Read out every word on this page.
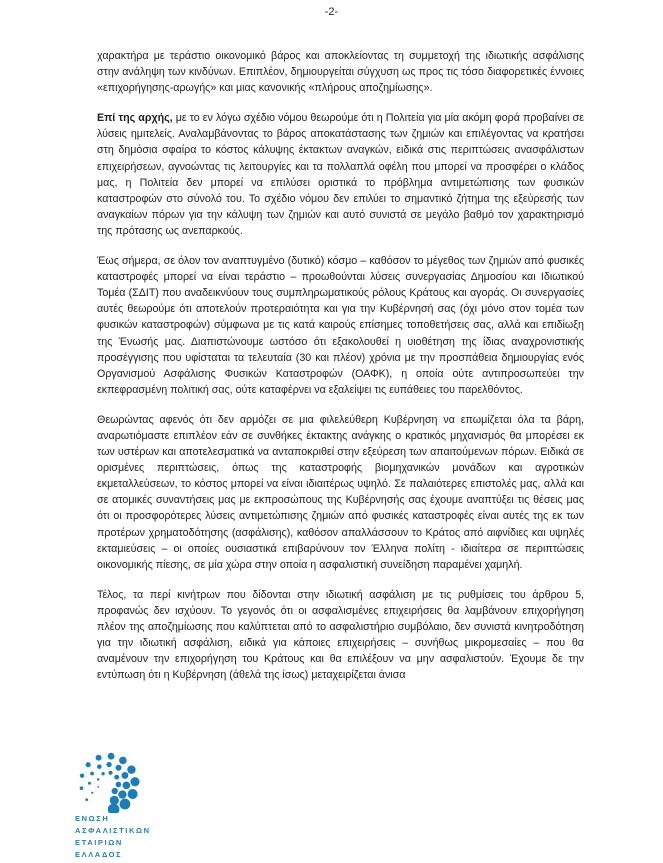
-2-

χαρακτήρα με τεράστιο οικονομικό βάρος και αποκλείοντας τη συμμετοχή της ιδιωτικής ασφάλισης στην ανάληψη των κινδύνων. Επιπλέον, δημιουργείται σύγχυση ως προς τις τόσο διαφορετικές έννοιες «επιχορήγησης-αρωγής» και μιας κανονικής «πλήρους αποζημίωσης».

Επί της αρχής, με το εν λόγω σχέδιο νόμου θεωρούμε ότι η Πολιτεία για μία ακόμη φορά προβαίνει σε λύσεις ημιτελείς. Αναλαμβάνοντας το βάρος αποκατάστασης των ζημιών και επιλέγοντας να κρατήσει στη δημόσια σφαίρα το κόστος κάλυψης έκτακτων αναγκών, ειδικά στις περιπτώσεις ανασφάλιστων επιχειρήσεων, αγνοώντας τις λειτουργίες και τα πολλαπλά οφέλη που μπορεί να προσφέρει ο κλάδος μας, η Πολιτεία δεν μπορεί να επιλύσει οριστικά το πρόβλημα αντιμετώπισης των φυσικών καταστροφών στο σύνολό του. Το σχέδιο νόμου δεν επιλύει το σημαντικό ζήτημα της εξεύρεσής των αναγκαίων πόρων για την κάλυψη των ζημιών και αυτό συνιστά σε μεγάλο βαθμό τον χαρακτηρισμό της πρότασης ως ανεπαρκούς.

Έως σήμερα, σε όλον τον αναπτυγμένο (δυτικό) κόσμο – καθόσον το μέγεθος των ζημιών από φυσικές καταστροφές μπορεί να είναι τεράστιο – προωθούνται λύσεις συνεργασίας Δημοσίου και Ιδιωτικού Τομέα (ΣΔΙΤ) που αναδεικνύουν τους συμπληρωματικούς ρόλους Κράτους και αγοράς. Οι συνεργασίες αυτές θεωρούμε ότι αποτελούν προτεραιότητα και για την Κυβέρνησή σας (όχι μόνο στον τομέα των φυσικών καταστροφών) σύμφωνα με τις κατά καιρούς επίσημες τοποθετήσεις σας, αλλά και επιδίωξη της Ένωσής μας. Διαπιστώνουμε ωστόσο ότι εξακολουθεί η υιοθέτηση της ίδιας αναχρονιστικής προσέγγισης που υφίσταται τα τελευταία (30 και πλέον) χρόνια με την προσπάθεια δημιουργίας ενός Οργανισμού Ασφάλισης Φυσικών Καταστροφών (ΟΑΦΚ), η οποία ούτε αντιπροσωπεύει την εκπεφρασμένη πολιτική σας, ούτε καταφέρνει να εξαλείψει τις ευπάθειες του παρελθόντος.

Θεωρώντας αφενός ότι δεν αρμόζει σε μια φιλελεύθερη Κυβέρνηση να επωμίζεται όλα τα βάρη, αναρωτιόμαστε επιπλέον εάν σε συνθήκες έκτακτης ανάγκης ο κρατικός μηχανισμός θα μπορέσει εκ των υστέρων και αποτελεσματικά να ανταποκριθεί στην εξεύρεση των απαιτούμενων πόρων. Ειδικά σε ορισμένες περιπτώσεις, όπως της καταστροφής βιομηχανικών μονάδων και αγροτικών εκμεταλλεύσεων, το κόστος μπορεί να είναι ιδιαιτέρως υψηλό. Σε παλαιότερες επιστολές μας, αλλά και σε ατομικές συναντήσεις μας με εκπροσώπους της Κυβέρνησής σας έχουμε αναπτύξει τις θέσεις μας ότι οι προσφορότερες λύσεις αντιμετώπισης ζημιών από φυσικές καταστροφές είναι αυτές της εκ των προτέρων χρηματοδότησης (ασφάλισης), καθόσον απαλλάσσουν το Κράτος από αιφνίδιες και υψηλές εκταμιεύσεις – οι οποίες ουσιαστικά επιβαρύνουν τον Έλληνα πολίτη - ιδιαίτερα σε περιπτώσεις οικονομικής πίεσης, σε μία χώρα στην οποία η ασφαλιστική συνείδηση παραμένει χαμηλή.

Τέλος, τα περί κινήτρων που δίδονται στην ιδιωτική ασφάλιση με τις ρυθμίσεις του άρθρου 5, προφανώς δεν ισχύουν. Το γεγονός ότι οι ασφαλισμένες επιχειρήσεις θα λαμβάνουν επιχορήγηση πλέον της αποζημίωσης που καλύπτεται από το ασφαλιστήριο συμβόλαιο, δεν συνιστά κινητροδότηση για την ιδιωτική ασφάλιση, ειδικά για κάποιες επιχειρήσεις – συνήθως μικρομεσαίες – που θα αναμένουν την επιχορήγηση του Κράτους και θα επιλέξουν να μην ασφαλιστούν. Έχουμε δε την εντύπωση ότι η Κυβέρνηση (άθελά της ίσως) μεταχειρίζεται άνισα

ΕΝΩΣΗ
ΑΣΦΑΛΙΣΤΙΚΩΝ
ΕΤΑΙΡΙΩΝ
ΕΛΛΑΔΟΣ
